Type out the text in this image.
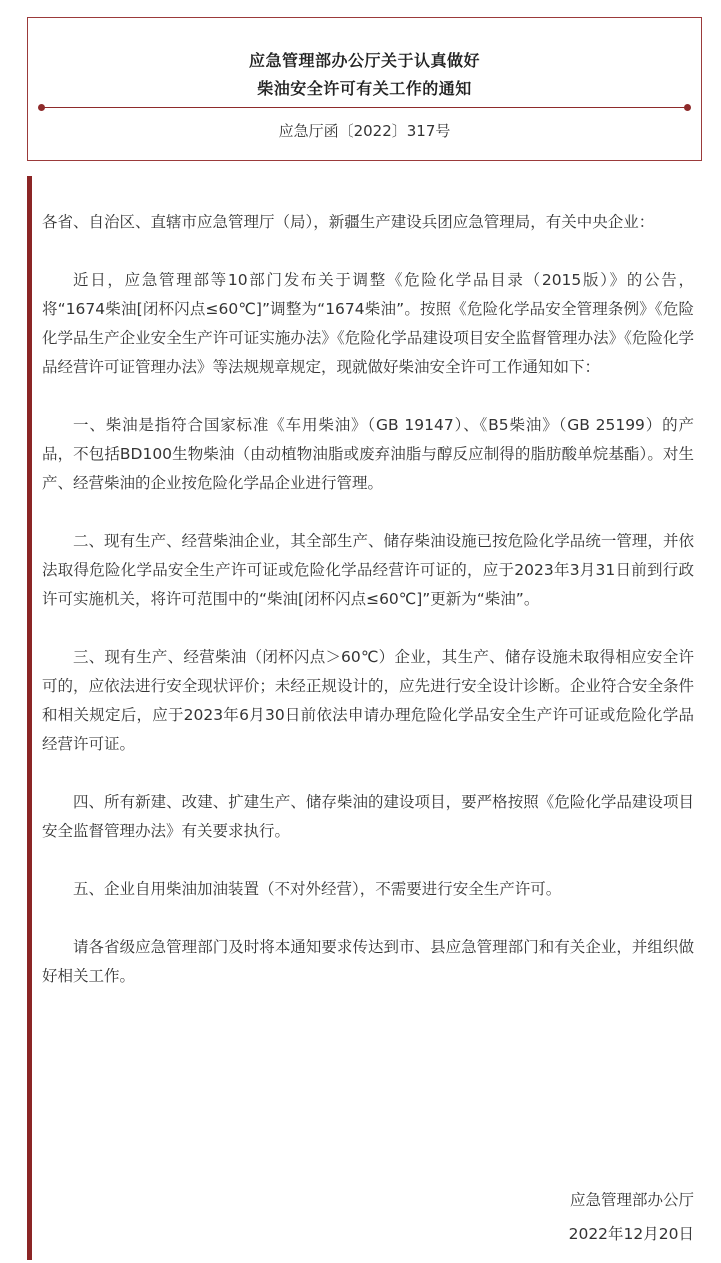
应急管理部办公厅关于认真做好
柴油安全许可有关工作的通知
应急厅函〔2022〕317号

各省、自治区、直辖市应急管理厅（局），新疆生产建设兵团应急管理局，有关中央企业：

近日，应急管理部等10部门发布关于调整《危险化学品目录（2015版）》的公告，将“1674柴油[闭杯闪点≤60℃]”调整为“1674柴油”。按照《危险化学品安全管理条例》《危险化学品生产企业安全生产许可证实施办法》《危险化学品建设项目安全监督管理办法》《危险化学品经营许可证管理办法》等法规规章规定，现就做好柴油安全许可工作通知如下：

一、柴油是指符合国家标准《车用柴油》（GB 19147）、《B5柴油》（GB 25199）的产品，不包括BD100生物柴油（由动植物油脂或废弃油脂与醇反应制得的脂肪酸单烷基酯）。对生产、经营柴油的企业按危险化学品企业进行管理。

二、现有生产、经营柴油企业，其全部生产、储存柴油设施已按危险化学品统一管理，并依法取得危险化学品安全生产许可证或危险化学品经营许可证的，应于2023年3月31日前到行政许可实施机关，将许可范围中的“柴油[闭杯闪点≤60℃]”更新为“柴油”。

三、现有生产、经营柴油（闭杯闪点＞60℃）企业，其生产、储存设施未取得相应安全许可的，应依法进行安全现状评价；未经正规设计的，应先进行安全设计诊断。企业符合安全条件和相关规定后，应于2023年6月30日前依法申请办理危险化学品安全生产许可证或危险化学品经营许可证。

四、所有新建、改建、扩建生产、储存柴油的建设项目，要严格按照《危险化学品建设项目安全监督管理办法》有关要求执行。

五、企业自用柴油加油装置（不对外经营），不需要进行安全生产许可。

请各省级应急管理部门及时将本通知要求传达到市、县应急管理部门和有关企业，并组织做好相关工作。

应急管理部办公厅
2022年12月20日
